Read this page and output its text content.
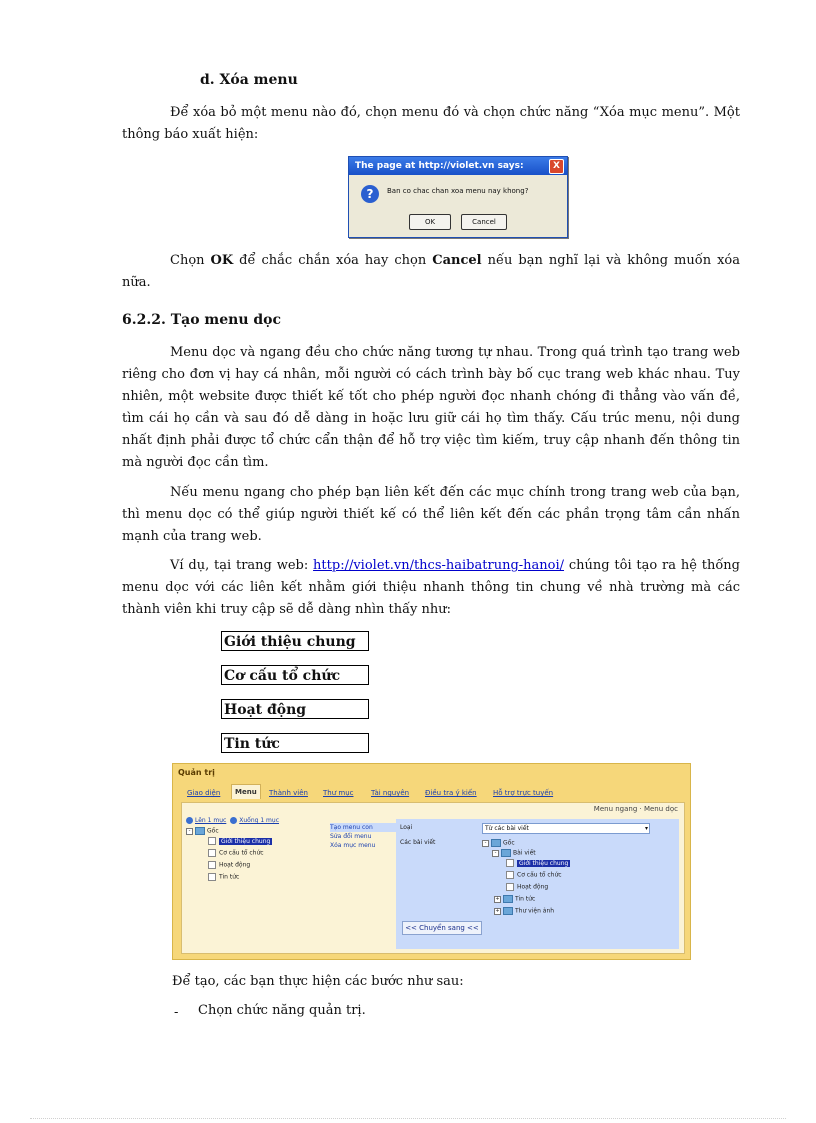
d. Xóa menu
Để xóa bỏ một menu nào đó, chọn menu đó và chọn chức năng “Xóa mục menu”. Một thông báo xuất hiện:
The page at http://violet.vn says:	X
?	Ban co chac chan xoa menu nay khong?
OK	Cancel
Chọn OK để chắc chắn xóa hay chọn Cancel nếu bạn nghĩ lại và không muốn xóa nữa.
6.2.2. Tạo menu dọc
Menu dọc và ngang đều cho chức năng tương tự nhau. Trong quá trình tạo trang web riêng cho đơn vị hay cá nhân, mỗi người có cách trình bày bố cục trang web khác nhau. Tuy nhiên, một website được thiết kế tốt cho phép người đọc nhanh chóng đi thẳng vào vấn đề, tìm cái họ cần và sau đó dễ dàng in hoặc lưu giữ cái họ tìm thấy. Cấu trúc menu, nội dung nhất định phải được tổ chức cẩn thận để hỗ trợ việc tìm kiếm, truy cập nhanh đến thông tin mà người đọc cần tìm.
Nếu menu ngang cho phép bạn liên kết đến các mục chính trong trang web của bạn, thì menu dọc có thể giúp người thiết kế có thể liên kết đến các phần trọng tâm cần nhấn mạnh của trang web.
Ví dụ, tại trang web: http://violet.vn/thcs-haibatrung-hanoi/ chúng tôi tạo ra hệ thống menu dọc với các liên kết nhằm giới thiệu nhanh thông tin chung về nhà trường mà các thành viên khi truy cập sẽ dễ dàng nhìn thấy như:
Giới thiệu chung
Cơ cấu tổ chức
Hoạt động
Tin tức
Quản trị
Giao diện	Menu	Thành viên Thư mục	Tài nguyên Điều tra ý kiến Hỗ trợ trực tuyến
Menu ngang · Menu dọc
Lên 1 mục Xuống 1 mục
-	Gốc
Giới thiệu chung
Cơ cấu tổ chức
Hoạt động
Tin tức
Tạo menu con
Sửa đổi menu
Xóa mục menu
Loại	Từ các bài viết	▾
Các bài viết	-	Gốc
-	Bài viết
Giới thiệu chung
Cơ cấu tổ chức
Hoạt động
+	Tin tức
+	Thư viện ảnh
<< Chuyển sang <<
Để tạo, các bạn thực hiện các bước như sau:
- Chọn chức năng quản trị.
